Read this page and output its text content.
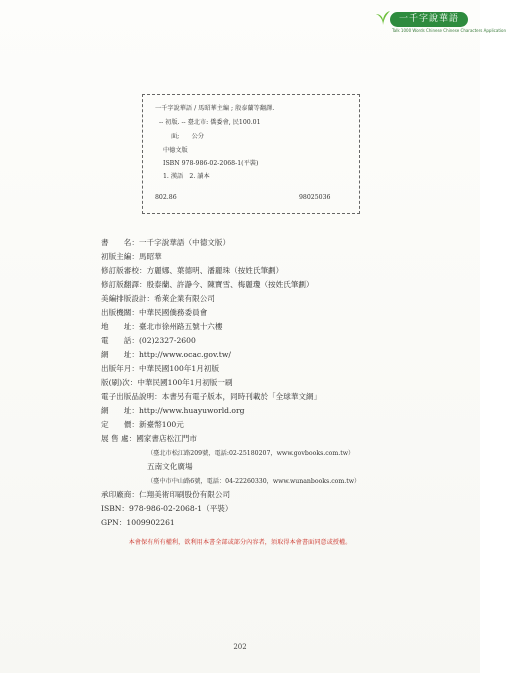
一千字說華語
Talk 1000 Words Chinese Chinese Characters Application
一千字說華語 / 馬昭華主編 ; 殷泰蘭等翻譯.
-- 初版. -- 臺北市: 僑委會, 民100.01
面;　　公分
中德文版
ISBN 978-986-02-2068-1(平裝)
1. 漢語　2. 讀本
802.86	98025036
書　　名：一千字說華語（中德文版）
初版主編：馬昭華
修訂版審校：方麗娜、葉德明、潘麗珠（按姓氏筆劃）
修訂版翻譯：殷泰蘭、許瀞今、陳寶雪、梅麗瓊（按姓氏筆劃）
美編排版設計：希萊企業有限公司
出版機關：中華民國僑務委員會
地　　址：臺北市徐州路五號十六樓
電　　話：(02)2327-2600
網　　址：http://www.ocac.gov.tw/
出版年月：中華民國100年1月初版
版(刷)次：中華民國100年1月初版一刷
電子出版品說明：本書另有電子版本，同時刊載於「全球華文網」
網　　址：http://www.huayuworld.org
定　　價：新臺幣100元
展 售 處：國家書店松江門市
（臺北市松江路209號，電話:02-25180207，www.govbooks.com.tw）
五南文化廣場
（臺中市中山路6號，電話：04-22260330，www.wunanbooks.com.tw）
承印廠商：仁翔美術印刷股份有限公司
ISBN：978-986-02-2068-1（平裝）
GPN：1009902261
本會保有所有權利，欲利用本書全部或部分內容者，須取得本會書面同意或授權。
202
